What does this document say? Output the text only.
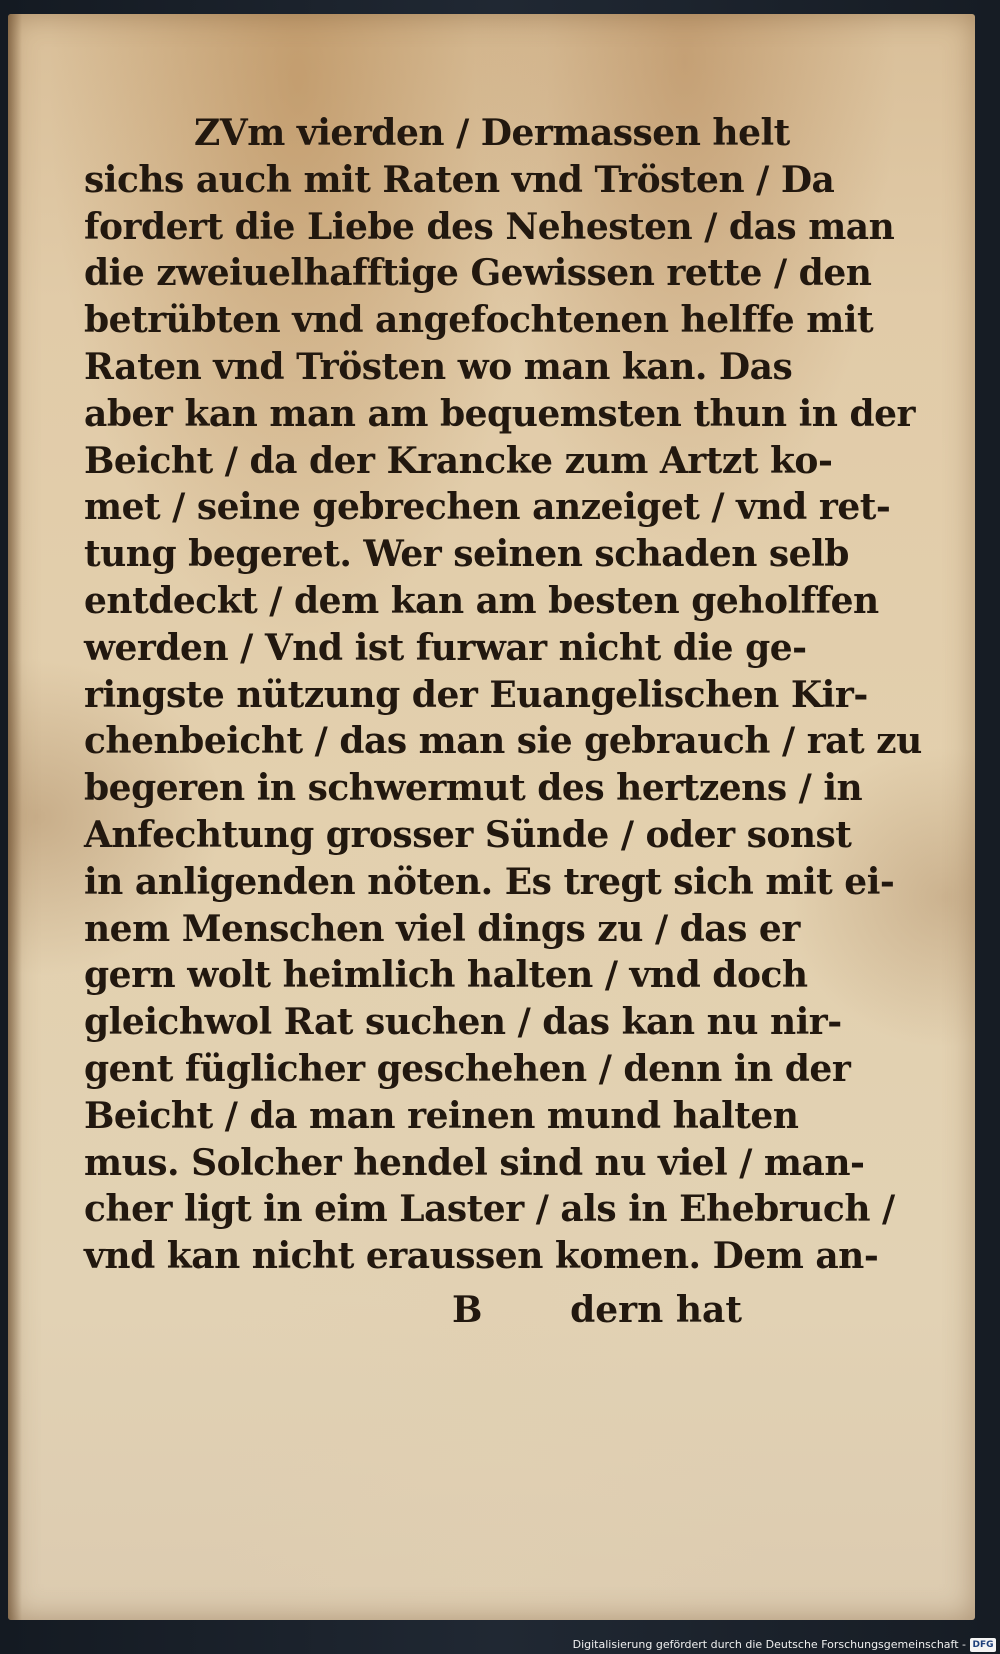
ZVm vierden / Dermassen helt
sichs auch mit Raten vnd Trösten / Da
fordert die Liebe des Nehesten / das man
die zweiuelhafftige Gewissen rette / den
betrübten vnd angefochtenen helffe mit
Raten vnd Trösten wo man kan. Das
aber kan man am bequemsten thun in der
Beicht / da der Krancke zum Artzt ko-
met / seine gebrechen anzeiget / vnd ret-
tung begeret. Wer seinen schaden selb
entdeckt / dem kan am besten geholffen
werden / Vnd ist furwar nicht die ge-
ringste nützung der Euangelischen Kir-
chenbeicht / das man sie gebrauch / rat zu
begeren in schwermut des hertzens / in
Anfechtung grosser Sünde / oder sonst
in anligenden nöten. Es tregt sich mit ei-
nem Menschen viel dings zu / das er
gern wolt heimlich halten / vnd doch
gleichwol Rat suchen / das kan nu nir-
gent füglicher geschehen / denn in der
Beicht / da man reinen mund halten
mus. Solcher hendel sind nu viel / man-
cher ligt in eim Laster / als in Ehebruch /
vnd kan nicht eraussen komen. Dem an-
B dern hat
Digitalisierung gefördert durch die Deutsche Forschungsgemeinschaft - DFG
